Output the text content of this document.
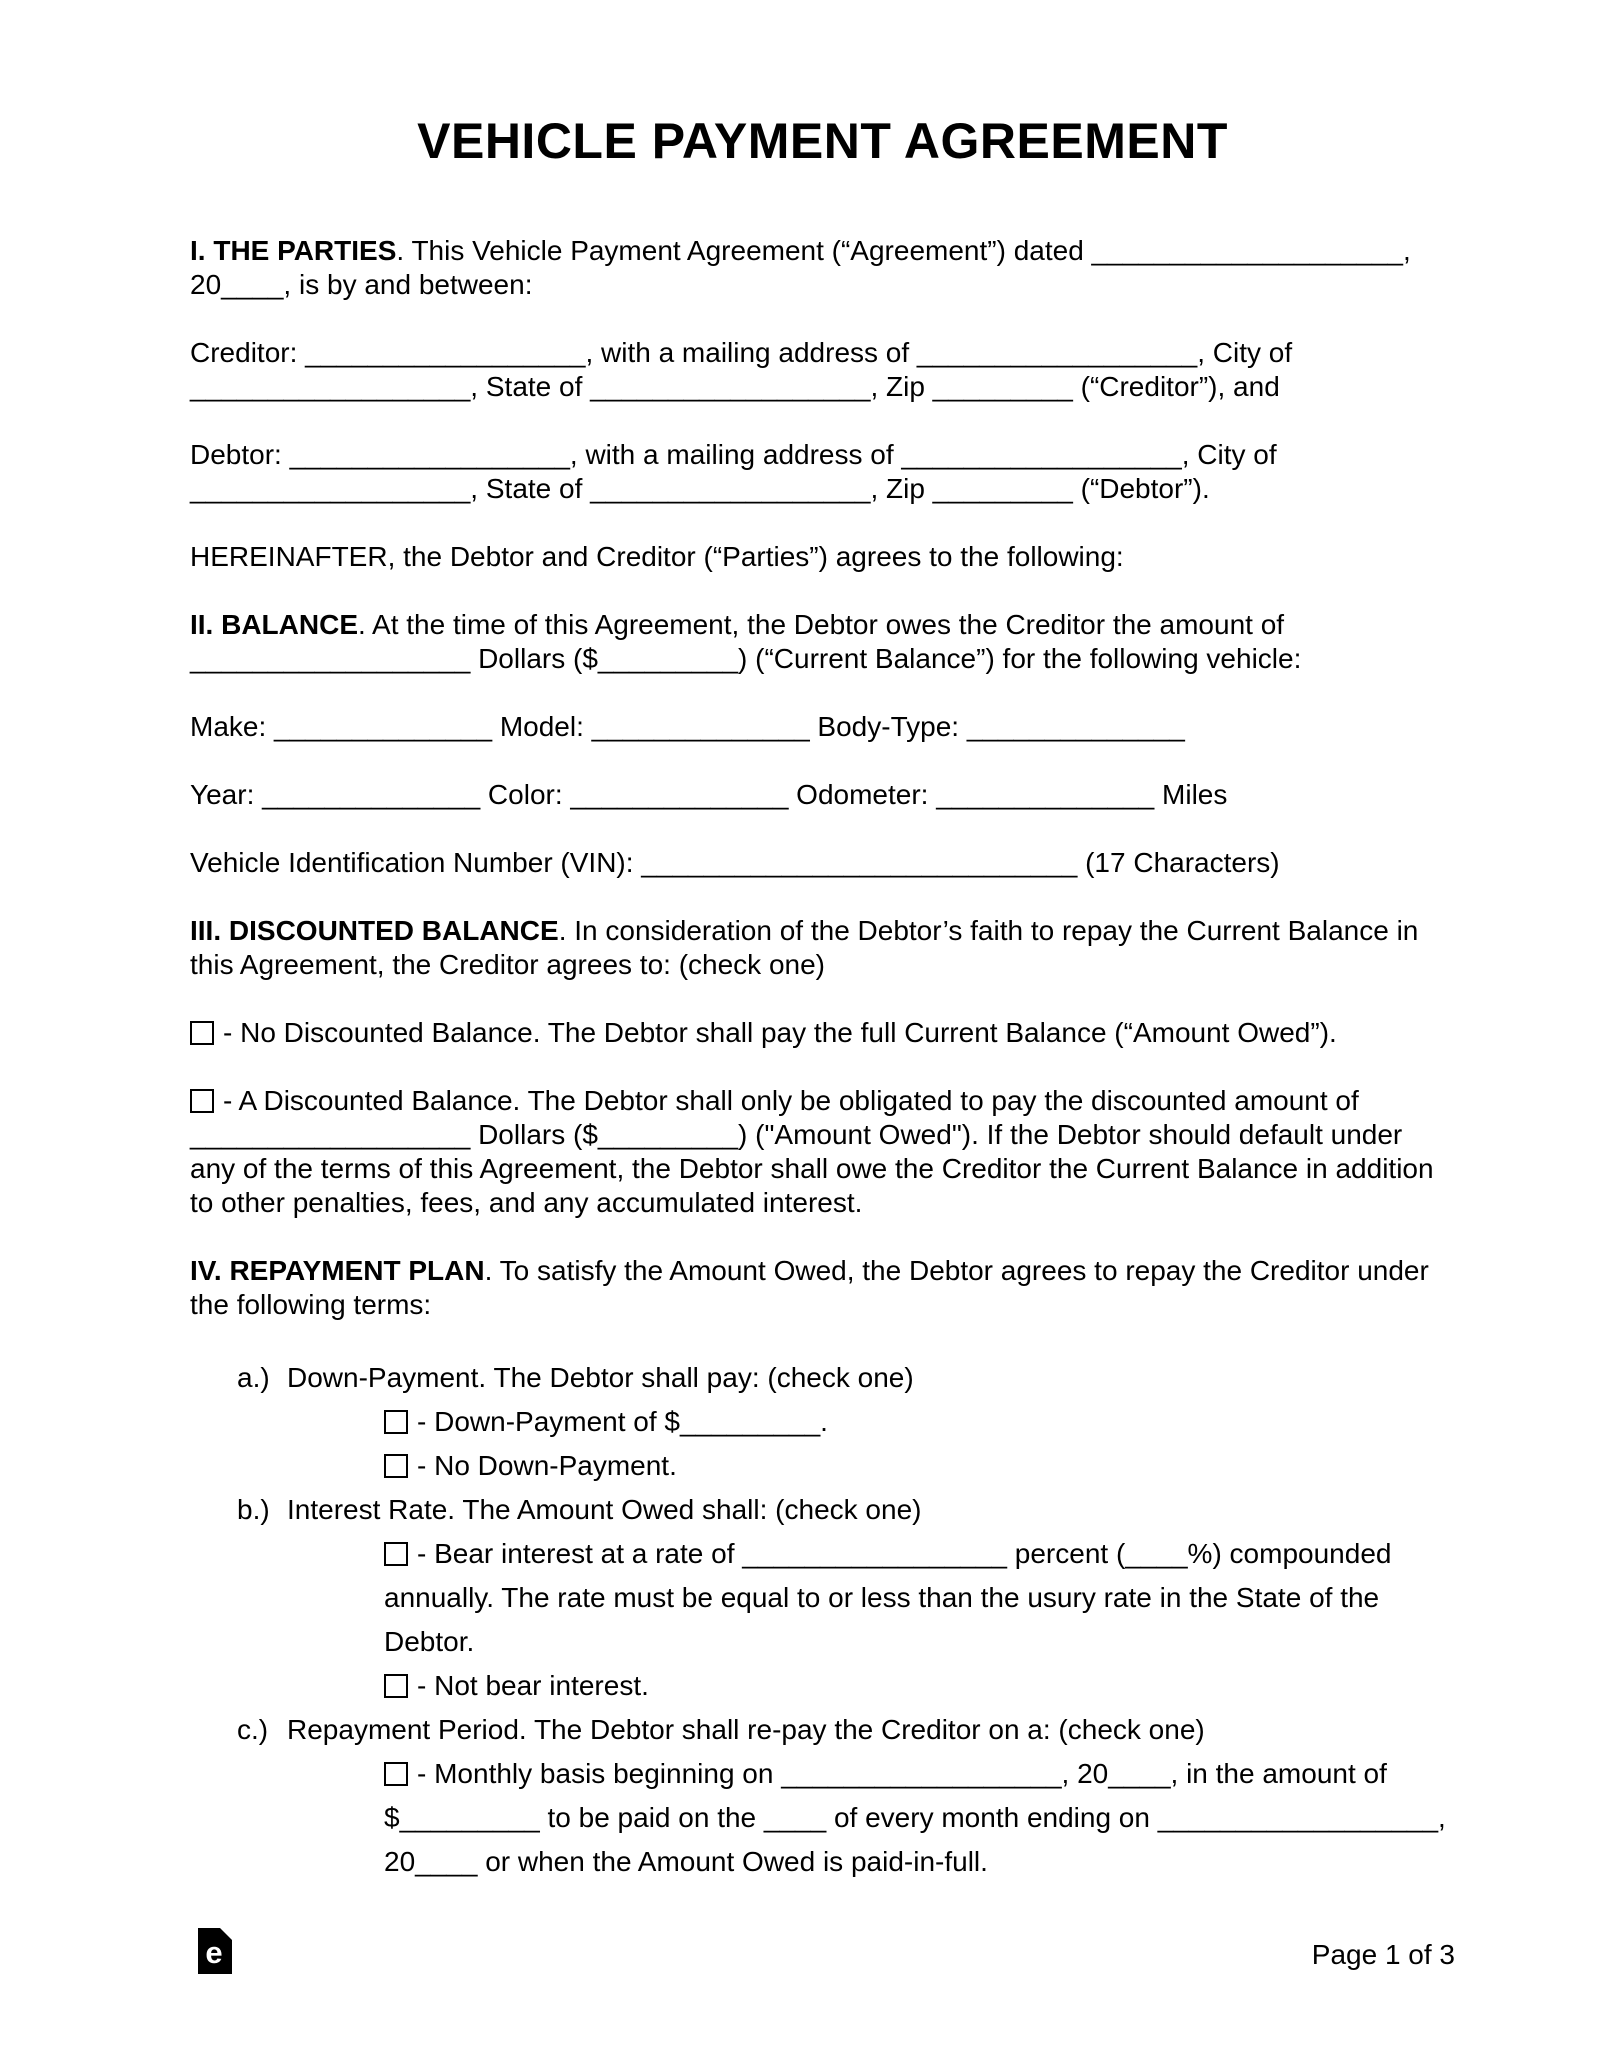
VEHICLE PAYMENT AGREEMENT

I. THE PARTIES. This Vehicle Payment Agreement (“Agreement”) dated ____________________, 20____, is by and between:

Creditor: __________________, with a mailing address of __________________, City of __________________, State of __________________, Zip _________ (“Creditor”), and

Debtor: __________________, with a mailing address of __________________, City of __________________, State of __________________, Zip _________ (“Debtor”).

HEREINAFTER, the Debtor and Creditor (“Parties”) agrees to the following:

II. BALANCE. At the time of this Agreement, the Debtor owes the Creditor the amount of __________________ Dollars ($_________) (“Current Balance”) for the following vehicle:

Make: ______________ Model: ______________ Body-Type: ______________

Year: ______________ Color: ______________ Odometer: ______________ Miles

Vehicle Identification Number (VIN): ____________________________ (17 Characters)

III. DISCOUNTED BALANCE. In consideration of the Debtor’s faith to repay the Current Balance in this Agreement, the Creditor agrees to: (check one)

- No Discounted Balance. The Debtor shall pay the full Current Balance (“Amount Owed”).

- A Discounted Balance. The Debtor shall only be obligated to pay the discounted amount of __________________ Dollars ($_________) ("Amount Owed"). If the Debtor should default under any of the terms of this Agreement, the Debtor shall owe the Creditor the Current Balance in addition to other penalties, fees, and any accumulated interest.

IV. REPAYMENT PLAN. To satisfy the Amount Owed, the Debtor agrees to repay the Creditor under the following terms:

a.) Down-Payment. The Debtor shall pay: (check one)
- Down-Payment of $_________.
- No Down-Payment.
b.) Interest Rate. The Amount Owed shall: (check one)
- Bear interest at a rate of _________________ percent (____%) compounded annually. The rate must be equal to or less than the usury rate in the State of the Debtor.
- Not bear interest.
c.) Repayment Period. The Debtor shall re-pay the Creditor on a: (check one)
- Monthly basis beginning on __________________, 20____, in the amount of $_________ to be paid on the ____ of every month ending on __________________, 20____ or when the Amount Owed is paid-in-full.
e	Page 1 of 3
